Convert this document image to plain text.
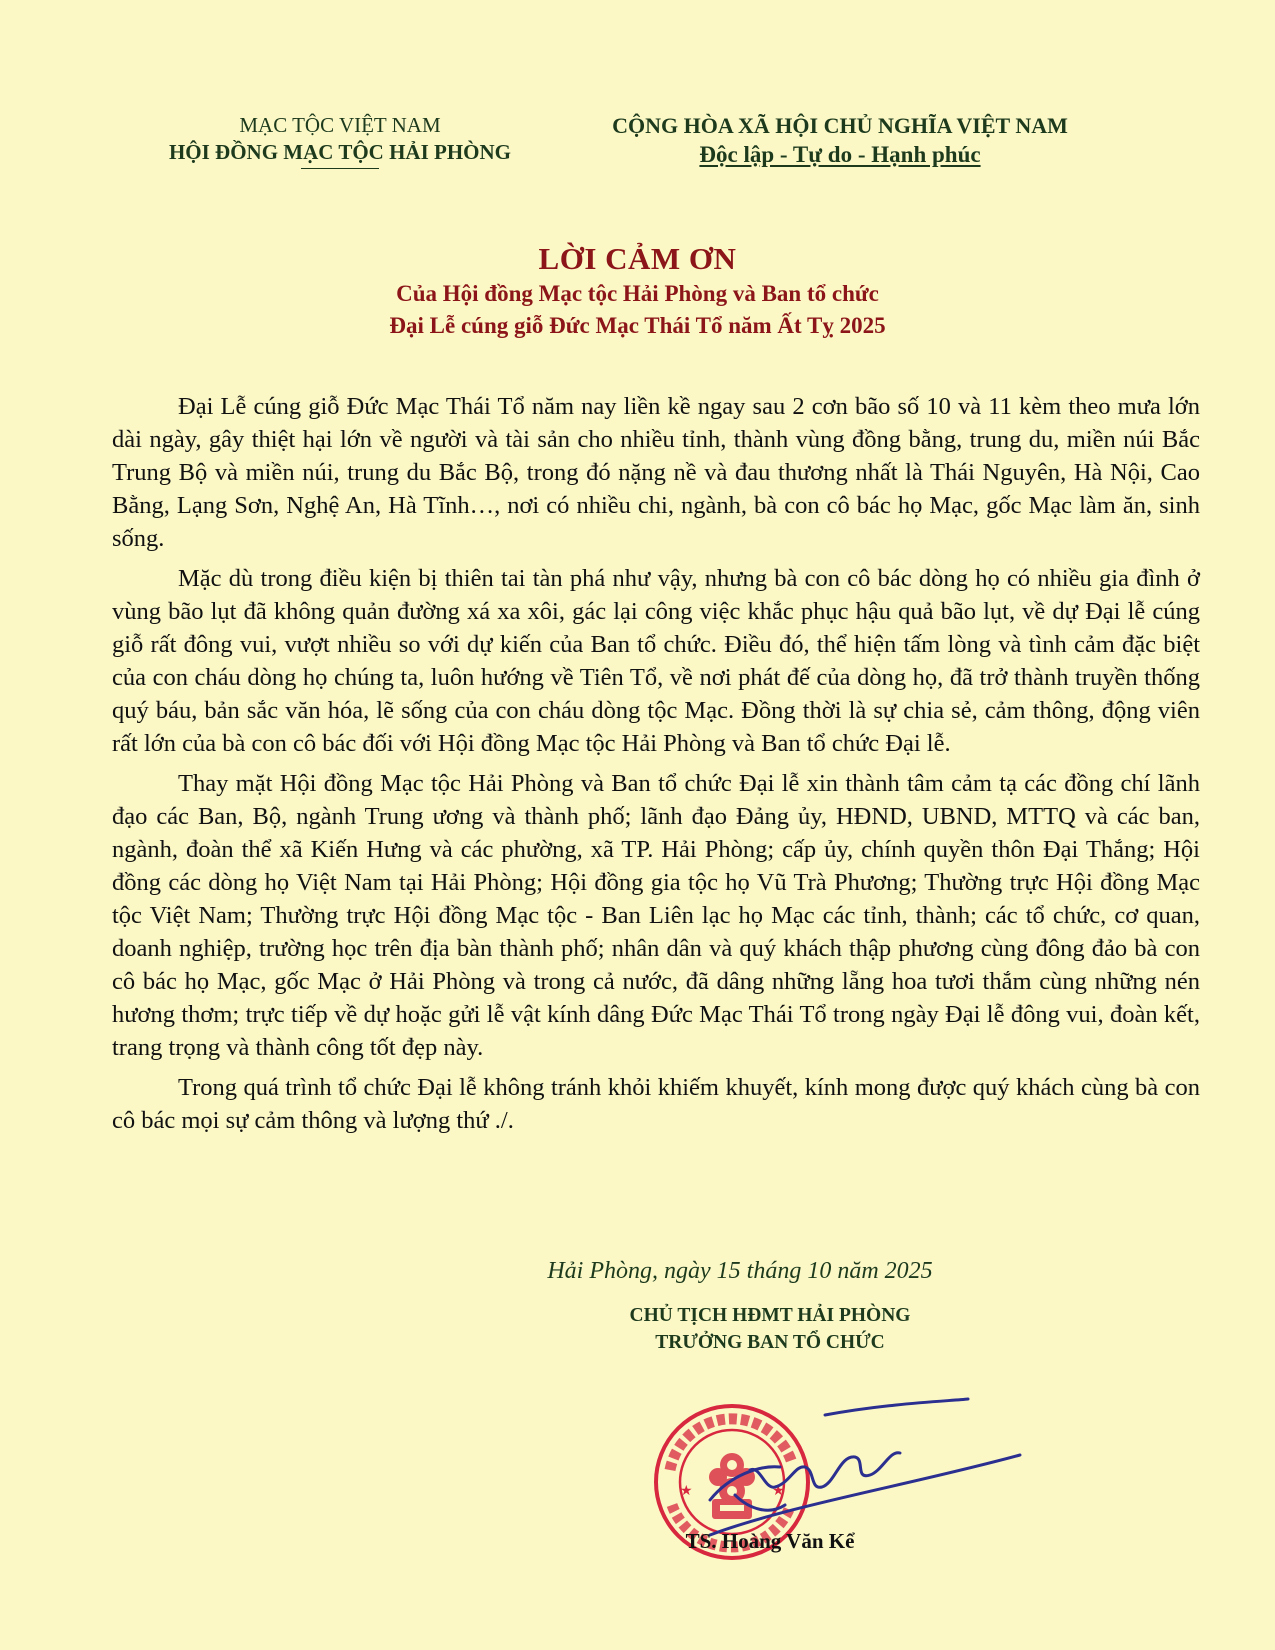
MẠC TỘC VIỆT NAM
HỘI ĐỒNG MẠC TỘC HẢI PHÒNG
CỘNG HÒA XÃ HỘI CHỦ NGHĨA VIỆT NAM
Độc lập - Tự do - Hạnh phúc
LỜI CẢM ƠN
Của Hội đồng Mạc tộc Hải Phòng và Ban tổ chức
Đại Lễ cúng giỗ Đức Mạc Thái Tổ năm Ất Tỵ 2025

Đại Lễ cúng giỗ Đức Mạc Thái Tổ năm nay liền kề ngay sau 2 cơn bão số 10 và 11 kèm theo mưa lớn dài ngày, gây thiệt hại lớn về người và tài sản cho nhiều tỉnh, thành vùng đồng bằng, trung du, miền núi Bắc Trung Bộ và miền núi, trung du Bắc Bộ, trong đó nặng nề và đau thương nhất là Thái Nguyên, Hà Nội, Cao Bằng, Lạng Sơn, Nghệ An, Hà Tĩnh…, nơi có nhiều chi, ngành, bà con cô bác họ Mạc, gốc Mạc làm ăn, sinh sống.

Mặc dù trong điều kiện bị thiên tai tàn phá như vậy, nhưng bà con cô bác dòng họ có nhiều gia đình ở vùng bão lụt đã không quản đường xá xa xôi, gác lại công việc khắc phục hậu quả bão lụt, về dự Đại lễ cúng giỗ rất đông vui, vượt nhiều so với dự kiến của Ban tổ chức. Điều đó, thể hiện tấm lòng và tình cảm đặc biệt của con cháu dòng họ chúng ta, luôn hướng về Tiên Tổ, về nơi phát đế của dòng họ, đã trở thành truyền thống quý báu, bản sắc văn hóa, lẽ sống của con cháu dòng tộc Mạc. Đồng thời là sự chia sẻ, cảm thông, động viên rất lớn của bà con cô bác đối với Hội đồng Mạc tộc Hải Phòng và Ban tổ chức Đại lễ.

Thay mặt Hội đồng Mạc tộc Hải Phòng và Ban tổ chức Đại lễ xin thành tâm cảm tạ các đồng chí lãnh đạo các Ban, Bộ, ngành Trung ương và thành phố; lãnh đạo Đảng ủy, HĐND, UBND, MTTQ và các ban, ngành, đoàn thể xã Kiến Hưng và các phường, xã TP. Hải Phòng; cấp ủy, chính quyền thôn Đại Thắng; Hội đồng các dòng họ Việt Nam tại Hải Phòng; Hội đồng gia tộc họ Vũ Trà Phương; Thường trực Hội đồng Mạc tộc Việt Nam; Thường trực Hội đồng Mạc tộc - Ban Liên lạc họ Mạc các tỉnh, thành; các tổ chức, cơ quan, doanh nghiệp, trường học trên địa bàn thành phố; nhân dân và quý khách thập phương cùng đông đảo bà con cô bác họ Mạc, gốc Mạc ở Hải Phòng và trong cả nước, đã dâng những lẵng hoa tươi thắm cùng những nén hương thơm; trực tiếp về dự hoặc gửi lễ vật kính dâng Đức Mạc Thái Tổ trong ngày Đại lễ đông vui, đoàn kết, trang trọng và thành công tốt đẹp này.

Trong quá trình tổ chức Đại lễ không tránh khỏi khiếm khuyết, kính mong được quý khách cùng bà con cô bác mọi sự cảm thông và lượng thứ ./.

Hải Phòng, ngày 15 tháng 10 năm 2025
CHỦ TỊCH HĐMT HẢI PHÒNG
TRƯỞNG BAN TỔ CHỨC
★	★
TS. Hoàng Văn Kể
